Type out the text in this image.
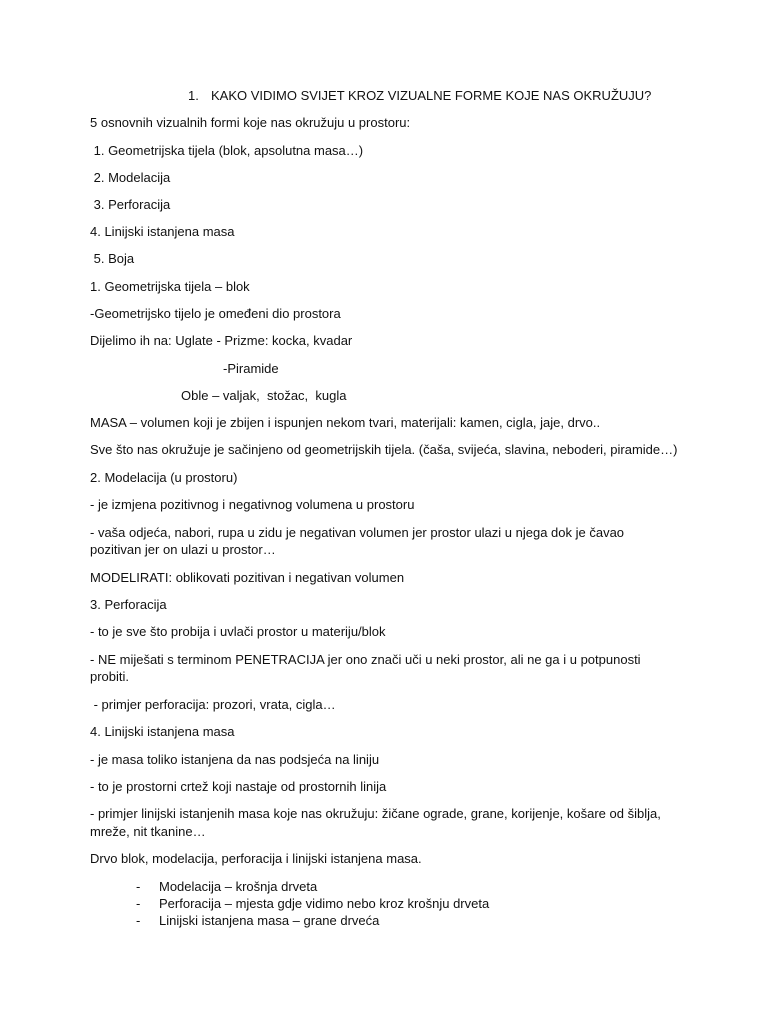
1. KAKO VIDIMO SVIJET KROZ VIZUALNE FORME KOJE NAS OKRUŽUJU?
5 osnovnih vizualnih formi koje nas okružuju u prostoru:
1. Geometrijska tijela (blok, apsolutna masa…)
2. Modelacija
3. Perforacija
4. Linijski istanjena masa
5. Boja
1. Geometrijska tijela – blok
-Geometrijsko tijelo je omeđeni dio prostora
Dijelimo ih na: Uglate - Prizme: kocka, kvadar
-Piramide
Oble – valjak,  stožac,  kugla
MASA – volumen koji je zbijen i ispunjen nekom tvari, materijali: kamen, cigla, jaje, drvo..
Sve što nas okružuje je sačinjeno od geometrijskih tijela. (čaša, svijeća, slavina, neboderi, piramide…)
2. Modelacija (u prostoru)
- je izmjena pozitivnog i negativnog volumena u prostoru
- vaša odjeća, nabori, rupa u zidu je negativan volumen jer prostor ulazi u njega dok je čavao
pozitivan jer on ulazi u prostor…
MODELIRATI: oblikovati pozitivan i negativan volumen
3. Perforacija
- to je sve što probija i uvlači prostor u materiju/blok
- NE miješati s terminom PENETRACIJA jer ono znači uči u neki prostor, ali ne ga i u potpunosti
probiti.
- primjer perforacija: prozori, vrata, cigla…
4. Linijski istanjena masa
- je masa toliko istanjena da nas podsjeća na liniju
- to je prostorni crtež koji nastaje od prostornih linija
- primjer linijski istanjenih masa koje nas okružuju: žičane ograde, grane, korijenje, košare od šiblja,
mreže, nit tkanine…
Drvo blok, modelacija, perforacija i linijski istanjena masa.
- Modelacija – krošnja drveta
- Perforacija – mjesta gdje vidimo nebo kroz krošnju drveta
- Linijski istanjena masa – grane drveća
